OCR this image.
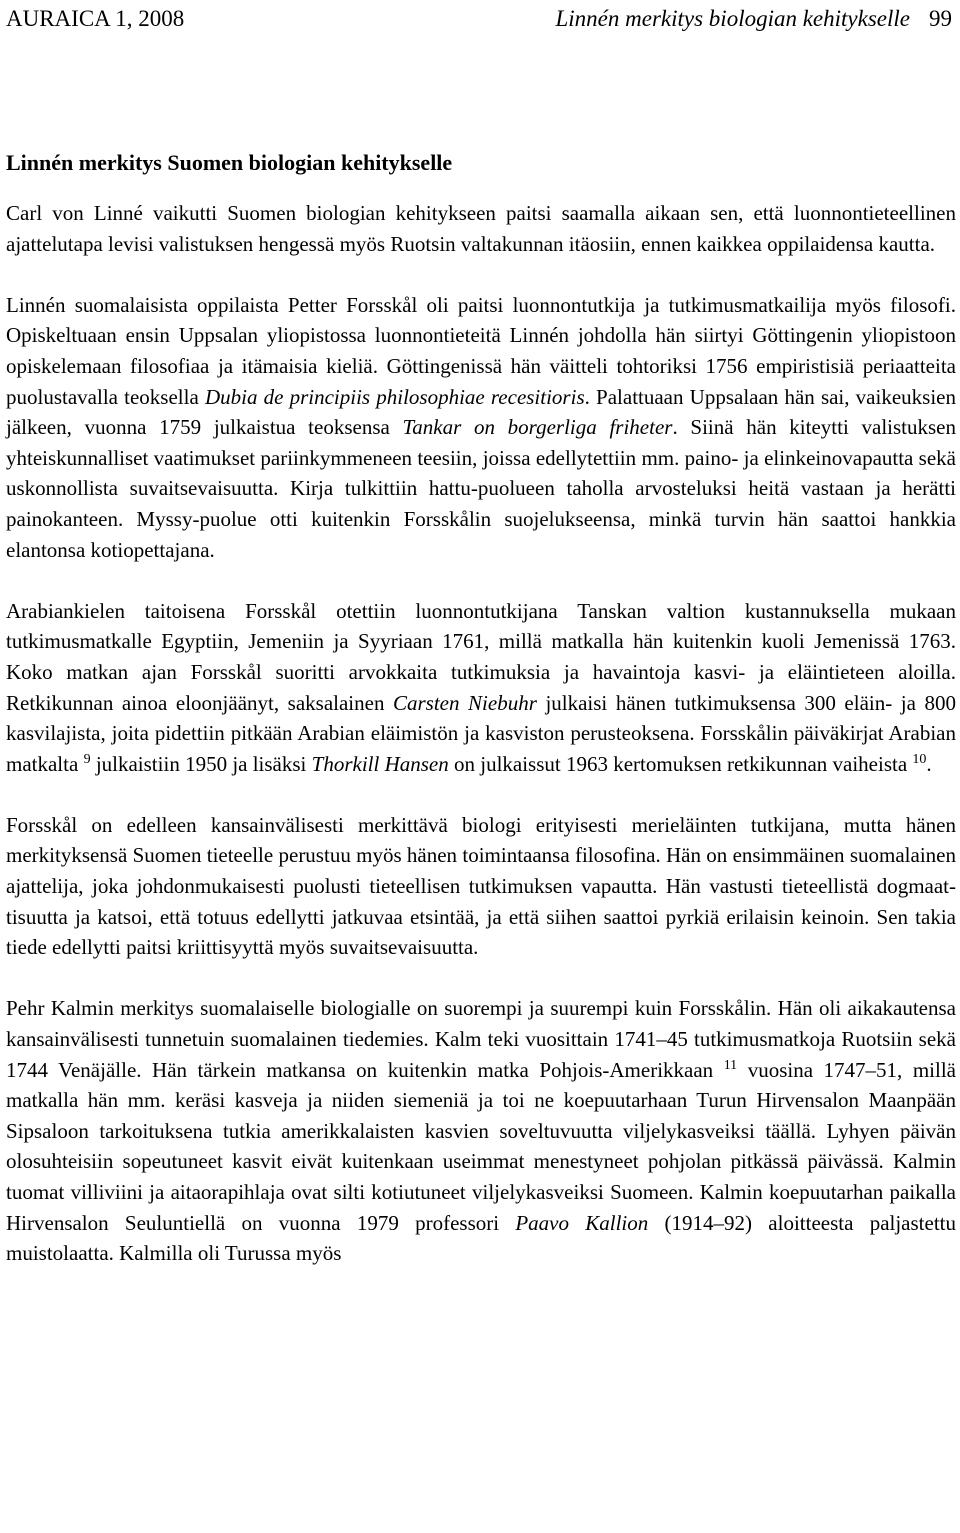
AURAICA 1, 2008	Linnén merkitys biologian kehitykselle 99
Linnén merkitys Suomen biologian kehitykselle

Carl von Linné vaikutti Suomen biologian kehitykseen paitsi saamalla aikaan sen, että luonnontieteellinen ajattelutapa levisi valistuksen hengessä myös Ruotsin valtakunnan itäosiin, ennen kaikkea oppilaidensa kautta.

Linnén suomalaisista oppilaista Petter Forsskål oli paitsi luonnontutkija ja tutkimusmatkailija myös filosofi. Opiskeltuaan ensin Uppsalan yliopistossa luonnontieteitä Linnén johdolla hän siirtyi Göttingenin yliopistoon opiskelemaan filosofiaa ja itämaisia kieliä. Göttingenissä hän väitteli tohtoriksi 1756 empiristisiä periaatteita puolustavalla teoksella Dubia de principiis philosophiae recesitioris. Palattuaan Uppsalaan hän sai, vaikeuksien jälkeen, vuonna 1759 julkaistua teoksensa Tankar on borgerliga friheter. Siinä hän kiteytti valistuksen yhteiskunnalliset vaatimukset pariinkymmeneen teesiin, joissa edellytettiin mm. paino- ja elinkeinovapautta sekä uskonnollista suvaitsevaisuutta. Kirja tulkittiin hattu-puolueen taholla arvosteluksi heitä vastaan ja herätti painokanteen. Myssy-puolue otti kuitenkin Forsskålin suojelukseensa, minkä turvin hän saattoi hankkia elantonsa kotiopettajana.

Arabiankielen taitoisena Forsskål otettiin luonnontutkijana Tanskan valtion kustannuksella mukaan tutkimusmatkalle Egyptiin, Jemeniin ja Syyriaan 1761, millä matkalla hän kuitenkin kuoli Jemenissä 1763. Koko matkan ajan Forsskål suoritti arvokkaita tutkimuksia ja havaintoja kasvi- ja eläintieteen aloilla. Retkikunnan ainoa eloonjäänyt, saksalainen Carsten Niebuhr julkaisi hänen tutkimuksensa 300 eläin- ja 800 kasvilajista, joita pidettiin pitkään Arabian eläimistön ja kasviston perusteoksena. Forsskålin päiväkirjat Arabian matkalta $^9$ julkaistiin 1950 ja lisäksi Thorkill Hansen on julkaissut 1963 kertomuksen retkikunnan vaiheista $^{10}$.

Forsskål on edelleen kansainvälisesti merkittävä biologi erityisesti merieläinten tutkijana, mutta hänen merkityksensä Suomen tieteelle perustuu myös hänen toimintaansa filosofina. Hän on ensimmäinen suomalainen ajattelija, joka johdonmukaisesti puolusti tieteellisen tutkimuksen vapautta. Hän vastusti tieteellistä dogmaattisuutta ja katsoi, että totuus edellytti jatkuvaa etsintää, ja että siihen saattoi pyrkiä erilaisin keinoin. Sen takia tiede edellytti paitsi kriittisyyttä myös suvaitsevaisuutta.

Pehr Kalmin merkitys suomalaiselle biologialle on suorempi ja suurempi kuin Forsskålin. Hän oli aikakautensa kansainvälisesti tunnetuin suomalainen tiedemies. Kalm teki vuosittain 1741–45 tutkimusmatkoja Ruotsiin sekä 1744 Venäjälle. Hän tärkein matkansa on kuitenkin matka Pohjois-Amerikkaan $^{11}$ vuosina 1747–51, millä matkalla hän mm. keräsi kasveja ja niiden siemeniä ja toi ne koepuutarhaan Turun Hirvensalon Maanpään Sipsaloon tarkoituksena tutkia amerikkalaisten kasvien soveltuvuutta viljelykasveiksi täällä. Lyhyen päivän olosuhteisiin sopeutuneet kasvit eivät kuitenkaan useimmat menestyneet pohjolan pitkässä päivässä. Kalmin tuomat villiviini ja aitaorapihlaja ovat silti kotiutuneet viljelykasveiksi Suomeen. Kalmin koepuutarhan paikalla Hirvensalon Seuluntiellä on vuonna 1979 professori Paavo Kallion (1914–92) aloitteesta paljastettu muistolaatta. Kalmilla oli Turussa myös
